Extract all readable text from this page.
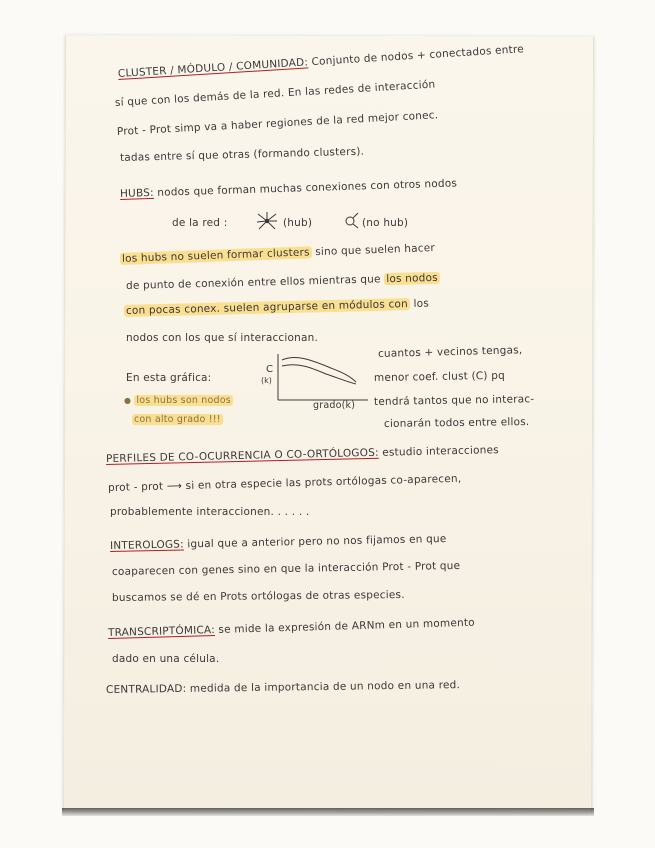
CLUSTER / MÓDULO / COMUNIDAD: Conjunto de nodos + conectados entre
sí que con los demás de la red. En las redes de interacción
Prot - Prot simp va a haber regiones de la red mejor conec.
tadas entre sí que otras (formando clusters).
HUBS: nodos que forman muchas conexiones con otros nodos
de la red :	(hub)	(no hub)
los hubs no suelen formar clusters sino que suelen hacer
de punto de conexión entre ellos mientras que los nodos
con pocas conex. suelen agruparse en módulos con los
nodos con los que sí interaccionan.
En esta gráfica:
● los hubs son nodos
con alto grado !!!
C
(k)
grado(k)
cuantos + vecinos tengas,
menor coef. clust (C) pq
tendrá tantos que no interac-
cionarán todos entre ellos.
PERFILES DE CO-OCURRENCIA O CO-ORTÓLOGOS: estudio interacciones
prot - prot ⟶ si en otra especie las prots ortólogas co-aparecen,
probablemente interaccionen. . . . . .
INTEROLOGS: igual que a anterior pero no nos fijamos en que
coaparecen con genes sino en que la interacción Prot - Prot que
buscamos se dé en Prots ortólogas de otras especies.
TRANSCRIPTÓMICA: se mide la expresión de ARNm en un momento
dado en una célula.
CENTRALIDAD: medida de la importancia de un nodo en una red.
